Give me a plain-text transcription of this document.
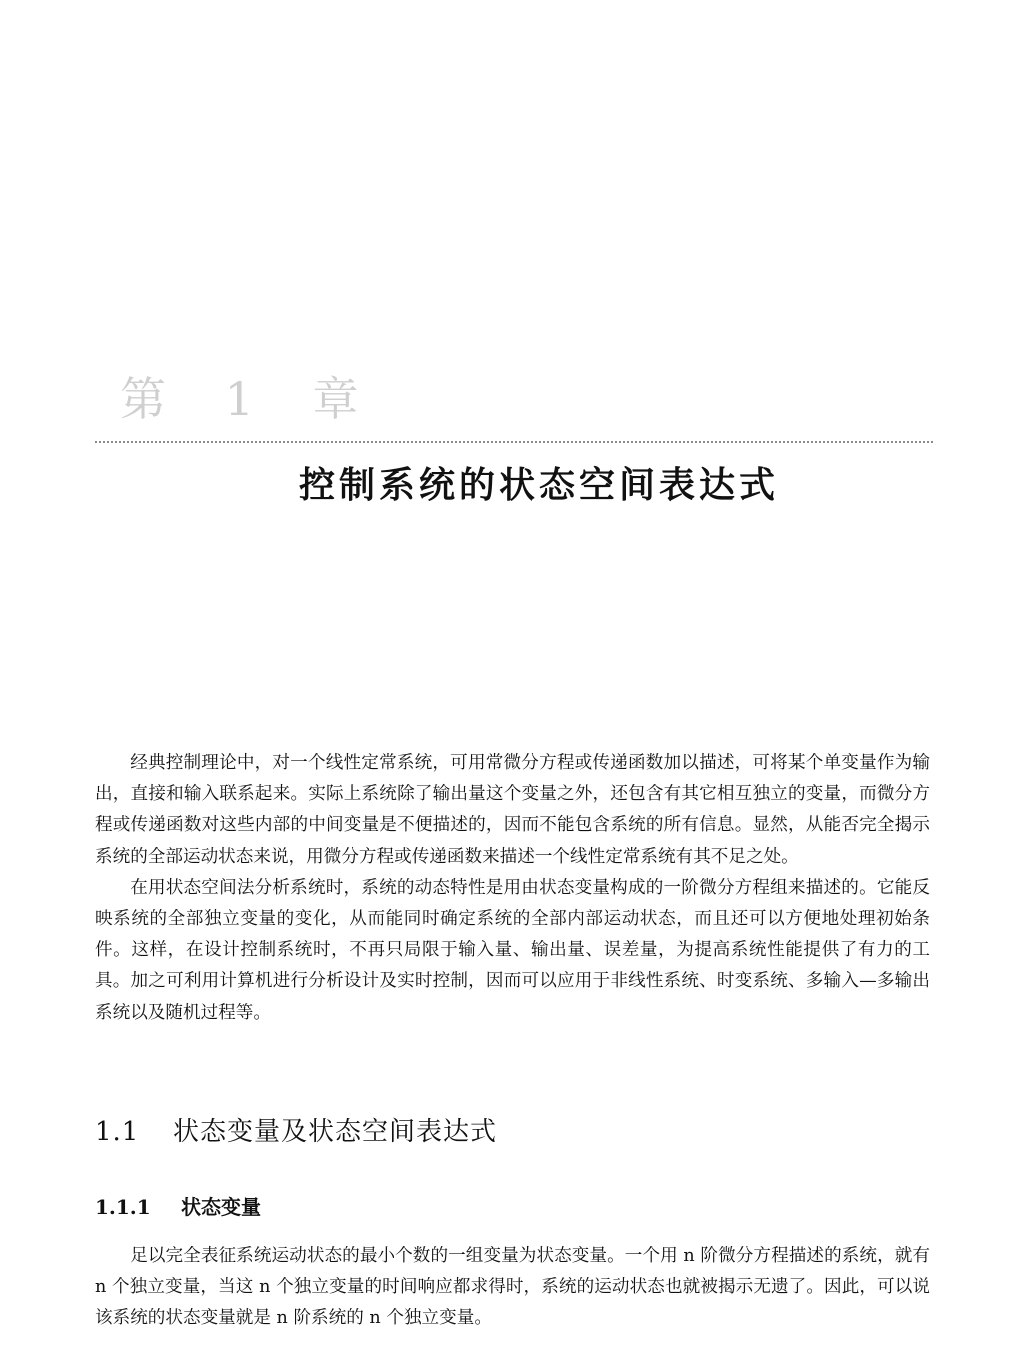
第 1 章
控制系统的状态空间表达式

经典控制理论中，对一个线性定常系统，可用常微分方程或传递函数加以描述，可将某个单变量作为输出，直接和输入联系起来。实际上系统除了输出量这个变量之外，还包含有其它相互独立的变量，而微分方程或传递函数对这些内部的中间变量是不便描述的，因而不能包含系统的所有信息。显然，从能否完全揭示系统的全部运动状态来说，用微分方程或传递函数来描述一个线性定常系统有其不足之处。

在用状态空间法分析系统时，系统的动态特性是用由状态变量构成的一阶微分方程组来描述的。它能反映系统的全部独立变量的变化，从而能同时确定系统的全部内部运动状态，而且还可以方便地处理初始条件。这样，在设计控制系统时，不再只局限于输入量、输出量、误差量，为提高系统性能提供了有力的工具。加之可利用计算机进行分析设计及实时控制，因而可以应用于非线性系统、时变系统、多输入—多输出系统以及随机过程等。

1.1 状态变量及状态空间表达式
1.1.1 状态变量

足以完全表征系统运动状态的最小个数的一组变量为状态变量。一个用 n 阶微分方程描述的系统，就有 n 个独立变量，当这 n 个独立变量的时间响应都求得时，系统的运动状态也就被揭示无遗了。因此，可以说该系统的状态变量就是 n 阶系统的 n 个独立变量。
